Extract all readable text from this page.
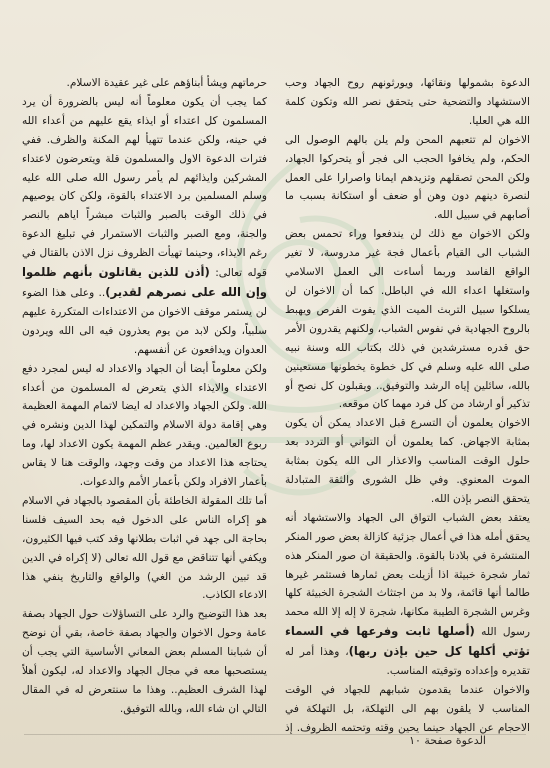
الدعوة بشمولها ونقائها، ويورثونهم روح الجهاد وحب الاستشهاد والتضحية حتى يتحقق نصر الله وتكون كلمة الله هي العليا.

الاخوان لم تتعبهم المحن ولم يلن بالهم الوصول الى الحكم، ولم يخافوا الحجب الى فجر أو يتحركوا الجهاد، ولكن المحن تصقلهم وتزيدهم ايمانا واصرارا على العمل لنصرة دينهم دون وهن أو ضعف أو استكانة بسبب ما أصابهم في سبيل الله.

ولكن الاخوان مع ذلك لن يندفعوا وراء تحمس بعض الشباب الى القيام بأعمال فجة غير مدروسة، لا تغير الواقع الفاسد وربما أساءت الى العمل الاسلامي واستغلها اعداء الله في الباطل. كما أن الاخوان لن يسلكوا سبيل التربث الميت الذي يفوت الفرص ويهبط بالروح الجهادية في نفوس الشباب، ولكنهم يقدرون الأمر حق قدره مسترشدين في ذلك بكتاب الله وسنة نبيه صلى الله عليه وسلم في كل خطوة يخطونها مستعينين بالله، سائلين إياه الرشد والتوفيق.. ويقبلون كل نصح أو تذكير أو ارشاد من كل فرد مهما كان موقعه.

الاخوان يعلمون أن التسرع قبل الاعداد يمكن أن يكون بمثابة الاجهاض. كما يعلمون أن التواني أو التردد بعد حلول الوقت المناسب والاعذار الى الله يكون بمثابة الموت المعنوي. وفي ظل الشورى والثقة المتبادلة يتحقق النصر بإذن الله.

يعتقد بعض الشباب التواق الى الجهاد والاستشهاد أنه يحقق أمله هذا في أعمال جزئية كازالة بعض صور المنكر المنتشرة في بلادنا بالقوة. والحقيقة ان صور المنكر هذه ثمار شجرة خبيثة اذا أزيلت بعض ثمارها فستثمر غيرها طالما أنها قائمة، ولا بد من اجتثاث الشجرة الخبيثة كلها وغرس الشجرة الطيبة مكانها، شجرة لا إله إلا الله محمد رسول الله (أصلها ثابت وفرعها في السماء تؤتي أكلها كل حين بإذن ربها)، وهذا أمر له تقديره وإعداده وتوقيته المناسب.

والاخوان عندما يقدمون شبابهم للجهاد في الوقت المناسب لا يلقون بهم الى التهلكة، بل التهلكة في الاحجام عن الجهاد حينما يحين وقته وتحتمه الظروف. إذ

حرماتهم ويشأ أبناؤهم على غير عقيدة الاسلام.

كما يجب أن يكون معلوماً أنه ليس بالضرورة أن يرد المسلمون كل اعتداء أو ايذاء يقع عليهم من أعداء الله في حينه، ولكن عندما تتهيأ لهم المكنة والظرف. ففي فترات الدعوة الاول والمسلمون قلة ويتعرضون لاعتداء المشركين وايذائهم لم يأمر رسول الله صلى الله عليه وسلم المسلمين برد الاعتداء بالقوة، ولكن كان يوصيهم في ذلك الوقت بالصبر والثبات مبشراً اياهم بالنصر والجنة، ومع الصبر والثبات الاستمرار في تبليغ الدعوة رغم الايذاء، وحينما تهيأت الظروف نزل الاذن بالقتال في قوله تعالى: (أذن للذين يقاتلون بأنهم ظلموا وإن الله على نصرهم لقدير).. وعلى هذا الضوء لن يستمر موقف الاخوان من الاعتداءات المتكررة عليهم سلبياً، ولكن لابد من يوم يعذرون فيه الى الله ويردون العدوان ويدافعون عن أنفسهم.

ولكن معلوماً أيضا أن الجهاد والاعداد له ليس لمجرد دفع الاعتداء والايذاء الذي يتعرض له المسلمون من أعداء الله. ولكن الجهاد والاعداد له ايضا لاتمام المهمة العظيمة وهي إقامة دولة الاسلام والتمكين لهذا الدين ونشره في ربوع العالمين. ويقدر عظم المهمة يكون الاعداد لها، وما يحتاجه هذا الاعداد من وقت وجهد، والوقت هنا لا يقاس بأعمار الافراد ولكن بأعمار الأمم والدعوات.

أما تلك المقولة الخاطئة بأن المقصود بالجهاد في الاسلام هو إكراه الناس على الدخول فيه بحد السيف فلسنا بحاجة الى جهد في اثبات بطلانها وقد كتب فيها الكثيرون، ويكفي أنها تتناقض مع قول الله تعالى (لا إكراه في الدين قد تبين الرشد من الغي) والواقع والتاريخ ينفي هذا الادعاء الكاذب.

بعد هذا التوضيح والرد على التساؤلات حول الجهاد بصفة عامة وحول الاخوان والجهاد بصفة خاصة، بقي أن نوضح أن شبابنا المسلم بعض المعاني الأساسية التي يجب أن يستصحبها معه في مجال الجهاد والاعداد له، ليكون أهلاً لهذا الشرف العظيم.. وهذا ما سنتعرض له في المقال التالي ان شاء الله، وبالله التوفيق.

الدعوة صفحة ١٠
